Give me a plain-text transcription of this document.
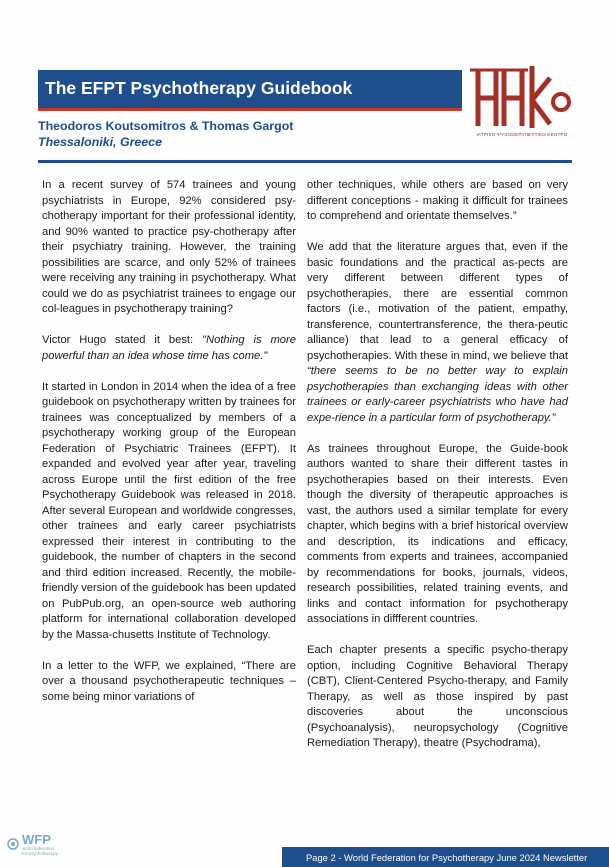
The EFPT Psychotherapy Guidebook
ΙΑΤΡΙΚΟ ΨΥΧΟΘΕΡΑΠΕΥΤΙΚΟ ΚΕΝΤΡΟ
Theodoros Koutsomitros & Thomas Gargot
Thessaloniki, Greece

In a recent survey of 574 trainees and young psychiatrists in Europe, 92% considered psy-chotherapy important for their professional identity, and 90% wanted to practice psy-chotherapy after their psychiatry training. However, the training possibilities are scarce, and only 52% of trainees were receiving any training in psychotherapy. What could we do as psychiatrist trainees to engage our col-leagues in psychotherapy training?

Victor Hugo stated it best: "Nothing is more powerful than an idea whose time has come."

It started in London in 2014 when the idea of a free guidebook on psychotherapy written by trainees for trainees was conceptualized by members of a psychotherapy working group of the European Federation of Psychiatric Trainees (EFPT). It expanded and evolved year after year, traveling across Europe until the first edition of the free Psychotherapy Guidebook was released in 2018. After several European and worldwide congresses, other trainees and early career psychiatrists expressed their interest in contributing to the guidebook, the number of chapters in the second and third edition increased. Recently, the mobile-friendly version of the guidebook has been updated on PubPub.org, an open-source web authoring platform for international collaboration developed by the Massa-chusetts Institute of Technology.

In a letter to the WFP, we explained, “There are over a thousand psychotherapeutic techniques – some being minor variations of

other techniques, while others are based on very different conceptions - making it difficult for trainees to comprehend and orientate themselves.”

We add that the literature argues that, even if the basic foundations and the practical as-pects are very different between different types of psychotherapies, there are essential common factors (i.e., motivation of the patient, empathy, transference, countertransference, the thera-peutic alliance) that lead to a general efficacy of psychotherapies. With these in mind, we believe that “there seems to be no better way to explain psychotherapies than exchanging ideas with other trainees or early-career psychiatrists who have had expe-rience in a particular form of psychotherapy.”

As trainees throughout Europe, the Guide-book authors wanted to share their different tastes in psychotherapies based on their interests. Even though the diversity of therapeutic approaches is vast, the authors used a similar template for every chapter, which begins with a brief historical overview and description, its indications and efficacy, comments from experts and trainees, accompanied by recommendations for books, journals, videos, research possibilities, related training events, and links and contact information for psychotherapy associations in diffferent countries.

Each chapter presents a specific psycho-therapy option, including Cognitive Behavioral Therapy (CBT), Client-Centered Psycho-therapy, and Family Therapy, as well as those inspired by past discoveries about the unconscious (Psychoanalysis), neuropsychology (Cognitive Remediation Therapy), theatre (Psychodrama),

WFP
world federation
for psychotherapy	Page 2 - World Federation for Psychotherapy June 2024 Newsletter
